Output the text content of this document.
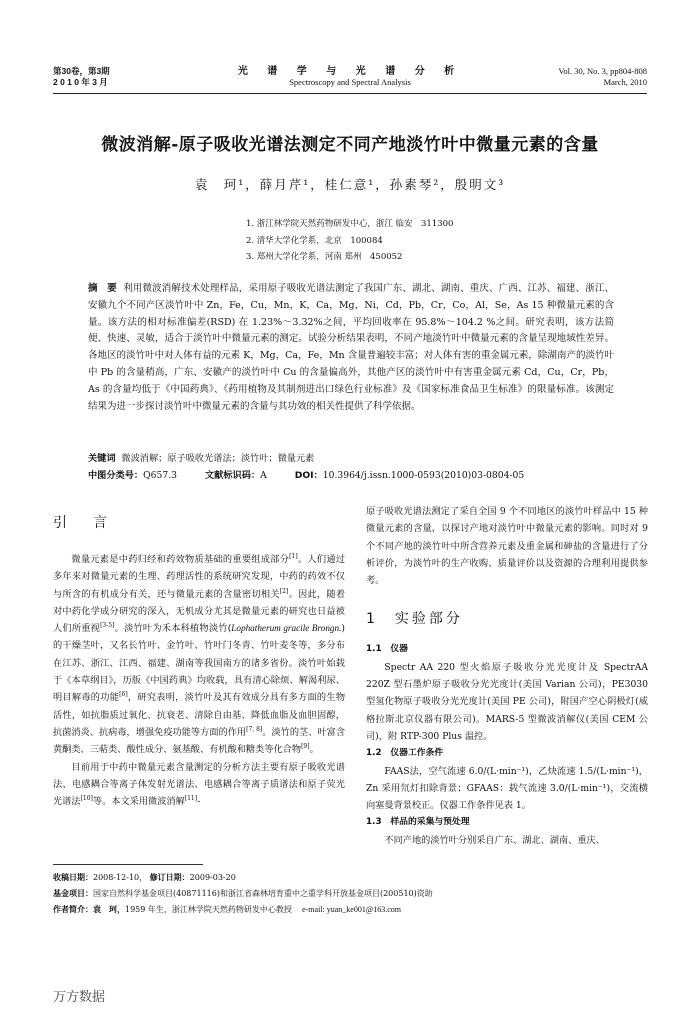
第30卷，第3期
2 0 1 0 年 3 月
光 谱 学 与 光 谱 分 析
Spectroscopy and Spectral Analysis
Vol. 30, No. 3, pp804-808
March, 2010
微波消解-原子吸收光谱法测定不同产地淡竹叶中微量元素的含量
袁　珂¹，薛月芹¹，桂仁意¹，孙素琴²，殷明文³
1. 浙江林学院天然药物研发中心，浙江 临安　311300
2. 清华大学化学系，北京　100084
3. 郑州大学化学系，河南 郑州　450052
摘　要 利用微波消解技术处理样品，采用原子吸收光谱法测定了我国广东、湖北、湖南、重庆、广西、江苏、福建、浙江、安徽九个不同产区淡竹叶中 Zn，Fe，Cu，Mn，K，Ca，Mg，Ni，Cd，Pb，Cr，Co，Al，Se，As 15 种微量元素的含量。该方法的相对标准偏差(RSD) 在 1.23%～3.32%之间，平均回收率在 95.8%～104.2 %之间。研究表明，该方法简便、快速、灵敏，适合于淡竹叶中微量元素的测定。试验分析结果表明，不同产地淡竹叶中微量元素的含量呈现地域性差异。各地区的淡竹叶中对人体有益的元素 K，Mg，Ca，Fe，Mn 含量普遍较丰富；对人体有害的重金属元素，除湖南产的淡竹叶中 Pb 的含量稍高，广东、安徽产的淡竹叶中 Cu 的含量偏高外，其他产区的淡竹叶中有害重金属元素 Cd，Cu，Cr，Pb，As 的含量均低于《中国药典》、《药用植物及其制剂进出口绿色行业标准》及《国家标准食品卫生标准》的限量标准。该测定结果为进一步探讨淡竹叶中微量元素的含量与其功效的相关性提供了科学依据。
关键词 微波消解；原子吸收光谱法；淡竹叶；微量元素
中图分类号：Q657.3	文献标识码：A	DOI：10.3964/j.issn.1000-0593(2010)03-0804-05
引　言

微量元素是中药归经和药效物质基础的重要组成部分[1]。人们通过多年来对微量元素的生理、药理活性的系统研究发现，中药的药效不仅与所含的有机成分有关，还与微量元素的含量密切相关[2]。因此，随着对中药化学成分研究的深入，无机成分尤其是微量元素的研究也日益被人们所重视[3-5]。淡竹叶为禾本科植物淡竹(Lophatherum gracile Brongn.)的干燥茎叶，又名长竹叶、金竹叶、竹叶门冬青、竹叶麦冬等，多分布在江苏、浙江、江西、福建、湖南等我国南方的诸多省份。淡竹叶始载于《本草纲目》，历版《中国药典》均收载，具有清心除烦、解渴利尿、明目解毒的功能[6]，研究表明，淡竹叶及其有效成分具有多方面的生物活性，如抗脂质过氧化、抗衰老、清除自由基、降低血脂及血胆固醇，抗菌消炎、抗病毒，增强免疫功能等方面的作用[7, 8]。淡竹的茎、叶富含黄酮类、三萜类、酸性成分、氨基酸、有机酸和糖类等化合物[9]。

目前用于中药中微量元素含量测定的分析方法主要有原子吸收光谱法、电感耦合等离子体发射光谱法、电感耦合等离子质谱法和原子荧光光谱法[10]等。本文采用微波消解[11]-

原子吸收光谱法测定了采自全国 9 个不同地区的淡竹叶样品中 15 种微量元素的含量，以探讨产地对淡竹叶中微量元素的影响。同时对 9 个不同产地的淡竹叶中所含营养元素及重金属和砷盐的含量进行了分析评价，为淡竹叶的生产收购、质量评价以及资源的合理利用提供参考。

1　实验部分
1.1　仪器

Spectr AA 220 型火焰原子吸收分光光度计及 SpectrAA 220Z 型石墨炉原子吸收分光光度计(美国 Varian 公司)，PE3030 型氢化物原子吸收分光光度计(美国 PE 公司)，附国产空心阴极灯(威格拉斯北京仪器有限公司)。MARS-5 型微波消解仪(美国 CEM 公司)，附 RTP-300 Plus 温控。

1.2　仪器工作条件

FAAS法，空气流速 6.0/(L·min⁻¹)，乙炔流速 1.5/(L·min⁻¹)，Zn 采用氘灯扣除背景；GFAAS：载气流速 3.0/(L·min⁻¹)，交流横向塞曼背景校正。仪器工作条件见表 1。

1.3　样品的采集与预处理

不同产地的淡竹叶分别采自广东、湖北、湖南、重庆、

收稿日期：2008-12-10， 修订日期：2009-03-20
基金项目：国家自然科学基金项目(40871116)和浙江省森林培育重中之重学科开放基金项目(200510)资助
作者简介：袁　珂，1959 年生，浙江林学院天然药物研发中心教授 e-mail: yuan_ke001@163.com
万方数据
